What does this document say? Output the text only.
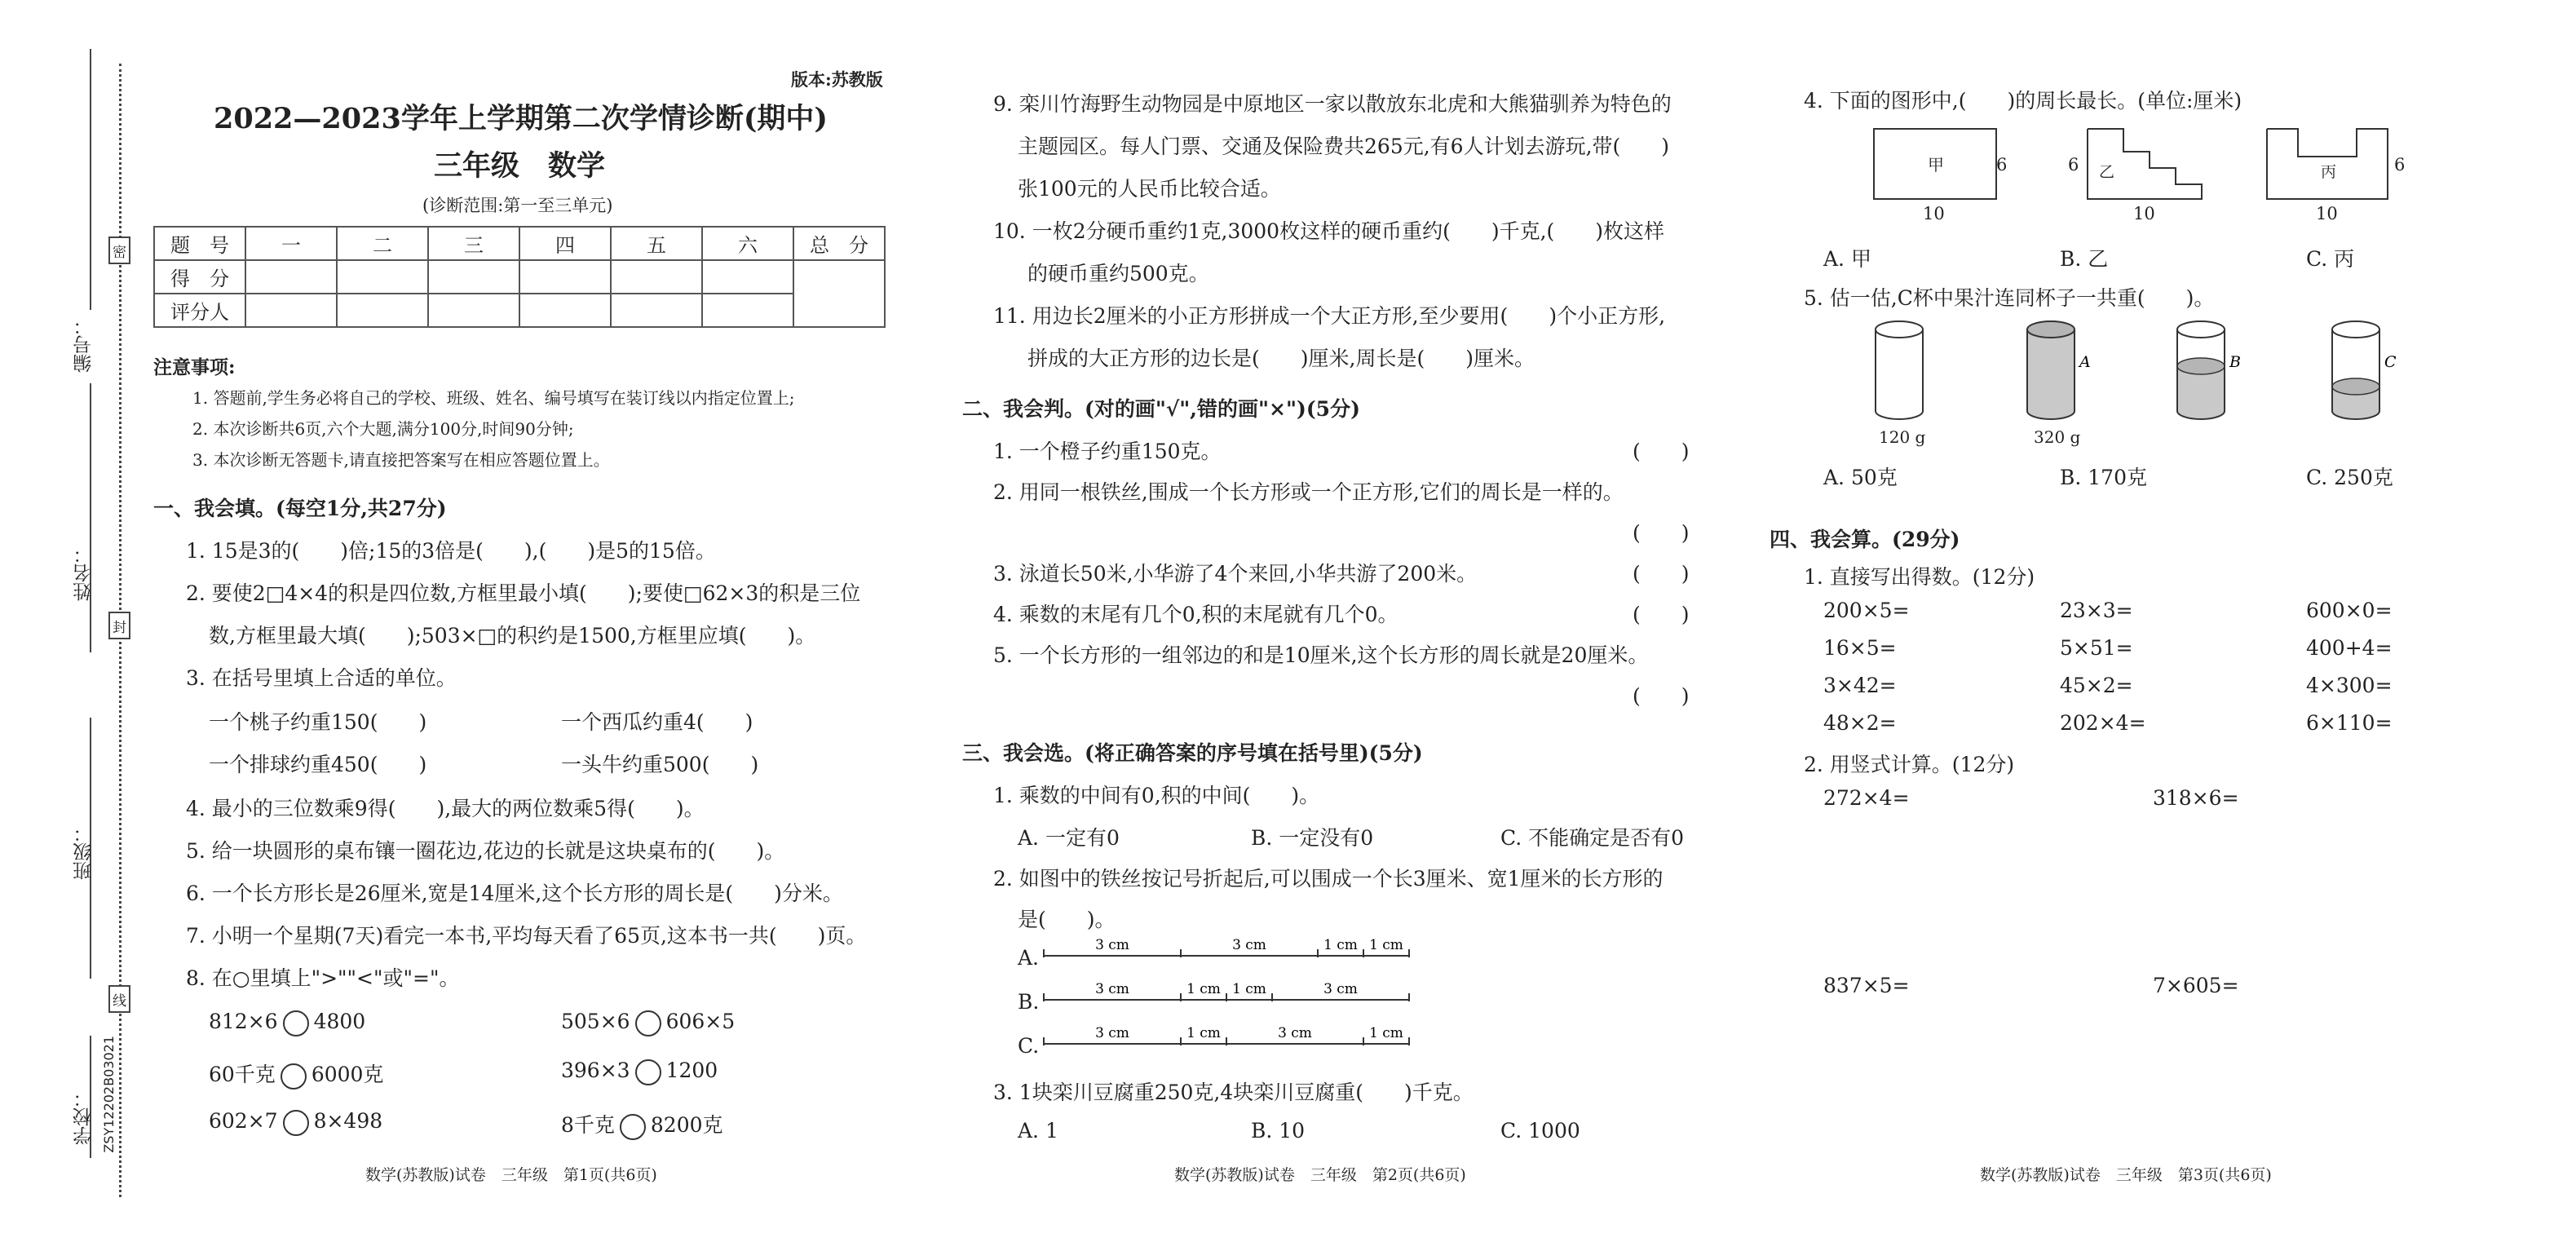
编号：
姓名：
班级：
学校：
密
封
线
ZSY12202B03021
版本:苏教版
2022—2023学年上学期第二次学情诊断(期中)
三年级　数学
(诊断范围:第一至三单元)
题　号	一	二	三	四	五	六	总　分
得　分							
评分人							
注意事项:
1. 答题前,学生务必将自己的学校、班级、姓名、编号填写在装订线以内指定位置上;
2. 本次诊断共6页,六个大题,满分100分,时间90分钟;
3. 本次诊断无答题卡,请直接把答案写在相应答题位置上。
一、我会填。(每空1分,共27分)
1. 15是3的(　　)倍;15的3倍是(　　),(　　)是5的15倍。
2. 要使2□4×4的积是四位数,方框里最小填(　　);要使□62×3的积是三位
数,方框里最大填(　　);503×□的积约是1500,方框里应填(　　)。
3. 在括号里填上合适的单位。
一个桃子约重150(　　)	一个西瓜约重4(　　)
一个排球约重450(　　)	一头牛约重500(　　)
4. 最小的三位数乘9得(　　),最大的两位数乘5得(　　)。
5. 给一块圆形的桌布镶一圈花边,花边的长就是这块桌布的(　　)。
6. 一个长方形长是26厘米,宽是14厘米,这个长方形的周长是(　　)分米。
7. 小明一个星期(7天)看完一本书,平均每天看了65页,这本书一共(　　)页。
8. 在○里填上">""<"或"="。
812×6 4800	505×6 606×5
60千克 6000克	396×3 1200
602×7 8×498	8千克 8200克
数学(苏教版)试卷　三年级　第1页(共6页)
9. 栾川竹海野生动物园是中原地区一家以散放东北虎和大熊猫驯养为特色的
主题园区。每人门票、交通及保险费共265元,有6人计划去游玩,带(　　)
张100元的人民币比较合适。
10. 一枚2分硬币重约1克,3000枚这样的硬币重约(　　)千克,(　　)枚这样
的硬币重约500克。
11. 用边长2厘米的小正方形拼成一个大正方形,至少要用(　　)个小正方形,
拼成的大正方形的边长是(　　)厘米,周长是(　　)厘米。
二、我会判。(对的画"√",错的画"×")(5分)
1. 一个橙子约重150克。	(　　)
2. 用同一根铁丝,围成一个长方形或一个正方形,它们的周长是一样的。
(　　)
3. 泳道长50米,小华游了4个来回,小华共游了200米。	(　　)
4. 乘数的末尾有几个0,积的末尾就有几个0。	(　　)
5. 一个长方形的一组邻边的和是10厘米,这个长方形的周长就是20厘米。
(　　)
三、我会选。(将正确答案的序号填在括号里)(5分)
1. 乘数的中间有0,积的中间(　　)。
A. 一定有0	B. 一定没有0	C. 不能确定是否有0
2. 如图中的铁丝按记号折起后,可以围成一个长3厘米、宽1厘米的长方形的
是(　　)。
A.
B.
C.
3 cm	3 cm	1 cm 1 cm
3 cm	1 cm 1 cm	3 cm
3 cm	1 cm	3 cm	1 cm
3. 1块栾川豆腐重250克,4块栾川豆腐重(　　)千克。
A. 1	B. 10	C. 1000
数学(苏教版)试卷　三年级　第2页(共6页)
4. 下面的图形中,(　　)的周长最长。(单位:厘米)
甲	6
10
乙
6
10
丙	6
10
A. 甲	B. 乙	C. 丙
5. 估一估,C杯中果汁连同杯子一共重(　　)。
A	B	C
120 g	320 g
A. 50克	B. 170克	C. 250克
四、我会算。(29分)
1. 直接写出得数。(12分)
200×5=	23×3=	600×0=
16×5=	5×51=	400+4=
3×42=	45×2=	4×300=
48×2=	202×4=	6×110=
2. 用竖式计算。(12分)
272×4=	318×6=
837×5=	7×605=
数学(苏教版)试卷　三年级　第3页(共6页)
